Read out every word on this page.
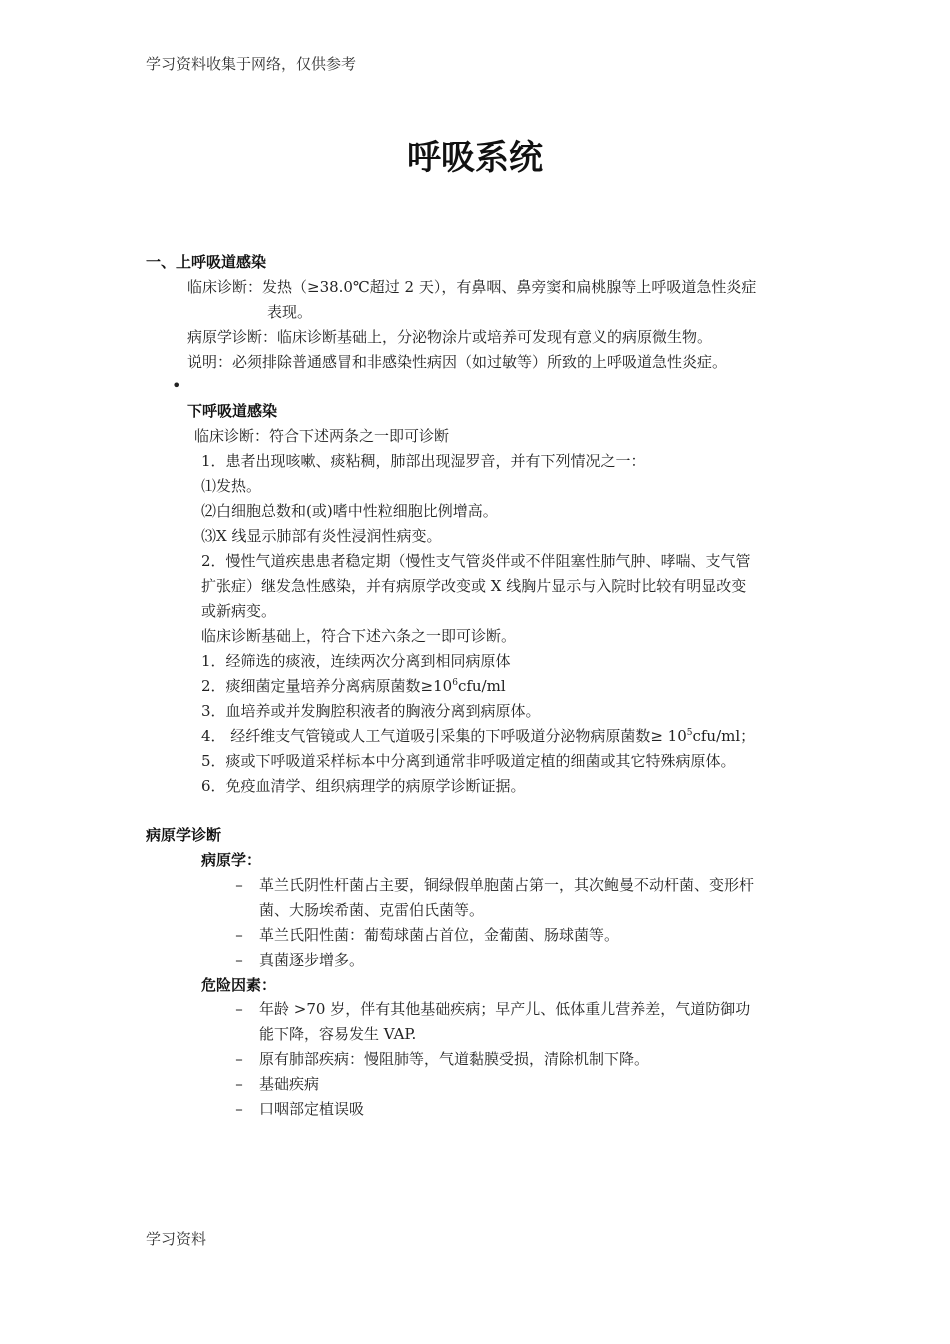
学习资料收集于网络，仅供参考
呼吸系统
一、上呼吸道感染
临床诊断：发热（≥38.0℃超过 2 天），有鼻咽、鼻旁窦和扁桃腺等上呼吸道急性炎症
表现。
病原学诊断：临床诊断基础上，分泌物涂片或培养可发现有意义的病原微生物。
说明：必须排除普通感冒和非感染性病因（如过敏等）所致的上呼吸道急性炎症。
•
下呼吸道感染
临床诊断：符合下述两条之一即可诊断
1．患者出现咳嗽、痰粘稠，肺部出现湿罗音，并有下列情况之一：
⑴发热。
⑵白细胞总数和(或)嗜中性粒细胞比例增高。
⑶X 线显示肺部有炎性浸润性病变。
2．慢性气道疾患患者稳定期（慢性支气管炎伴或不伴阻塞性肺气肿、哮喘、支气管
扩张症）继发急性感染，并有病原学改变或 X 线胸片显示与入院时比较有明显改变
或新病变。
临床诊断基础上，符合下述六条之一即可诊断。
1．经筛选的痰液，连续两次分离到相同病原体
2．痰细菌定量培养分离病原菌数$\ge 10^6cfu/ml$
3．血培养或并发胸腔积液者的胸液分离到病原体。
4． 经纤维支气管镜或人工气道吸引采集的下呼吸道分泌物病原菌数≥ $10^5cfu/ml$；
5．痰或下呼吸道采样标本中分离到通常非呼吸道定植的细菌或其它特殊病原体。
6．免疫血清学、组织病理学的病原学诊断证据。
病原学诊断
病原学：
– 革兰氏阴性杆菌占主要，铜绿假单胞菌占第一，其次鲍曼不动杆菌、变形杆
菌、大肠埃希菌、克雷伯氏菌等。
– 革兰氏阳性菌：葡萄球菌占首位，金葡菌、肠球菌等。
– 真菌逐步增多。
危险因素：
– 年龄 >70 岁，伴有其他基础疾病；早产儿、低体重儿营养差，气道防御功
能下降，容易发生 VAP.
– 原有肺部疾病：慢阻肺等，气道黏膜受损，清除机制下降。
– 基础疾病
– 口咽部定植误吸
学习资料
